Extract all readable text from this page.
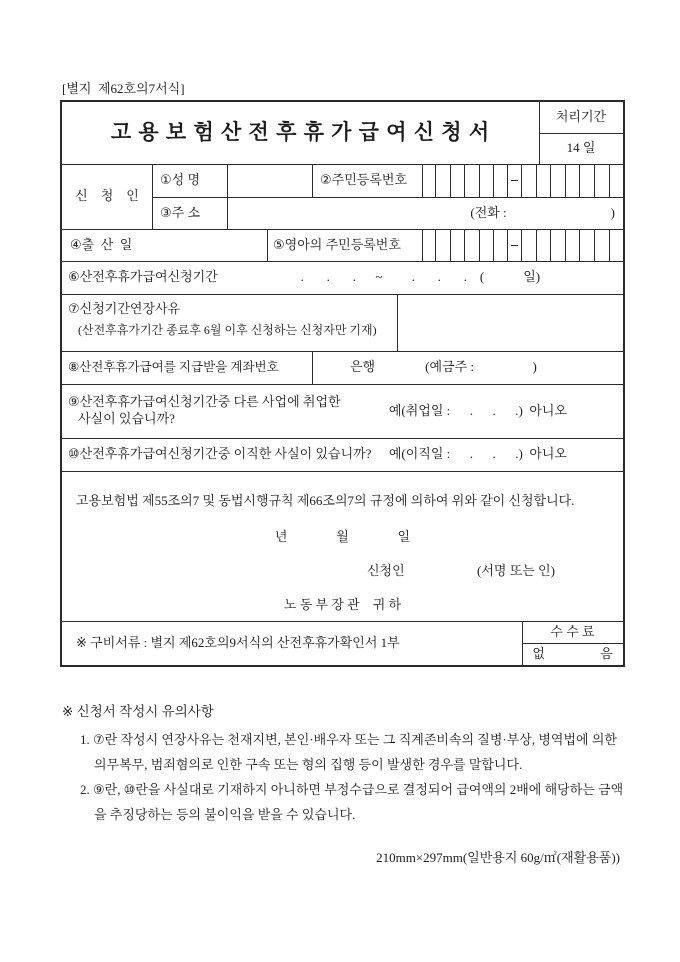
[별지  제62호의7서식]
고 용 보 험 산 전 후 휴 가 급 여 신 청 서
처리기간
14 일
신    청    인
①성 명	②주민등록번호
③주 소	(전화 :                                )
④출  산  일	⑤영아의 주민등록번호
⑥산전후휴가급여신청기간	.       .       .      ~         .       .       .    (            일)
⑦신청기간연장사유
(산전후휴가기간 종료후 6월 이후 신청하는 신청자만 기재)
⑧산전후휴가급여를 지급받을 계좌번호	은행	(예금주 :                  )
⑨산전후휴가급여신청기간중 다른 사업에 취업한
사실이 있습니까?
예(취업일 :      .      .      .)  아니오
⑩산전후휴가급여신청기간중 이직한 사실이 있습니까? 예(이직일 :      .      .      .)  아니오
고용보험법 제55조의7 및 동법시행규칙 제66조의7의 규정에 의하여 위와 같이 신청합니다.
년               월               일
신청인	(서명 또는 인)
노 동 부 장 관    귀 하
※ 구비서류 : 별지 제62호의9서식의 산전후휴가확인서 1부
수 수 료
없                 음
※ 신청서 작성시 유의사항
1. ⑦란 작성시 연장사유는 천재지변, 본인·배우자 또는 그 직계존비속의 질병·부상, 병역법에 의한 의무복무, 범죄혐의로 인한 구속 또는 형의 집행 등이 발생한 경우를 말합니다.
2. ⑨란, ⑩란을 사실대로 기재하지 아니하면 부정수급으로 결정되어 급여액의 2배에 해당하는 금액을 추징당하는 등의 불이익을 받을 수 있습니다.
210mm×297mm(일반용지 60g/㎡(재활용품))
